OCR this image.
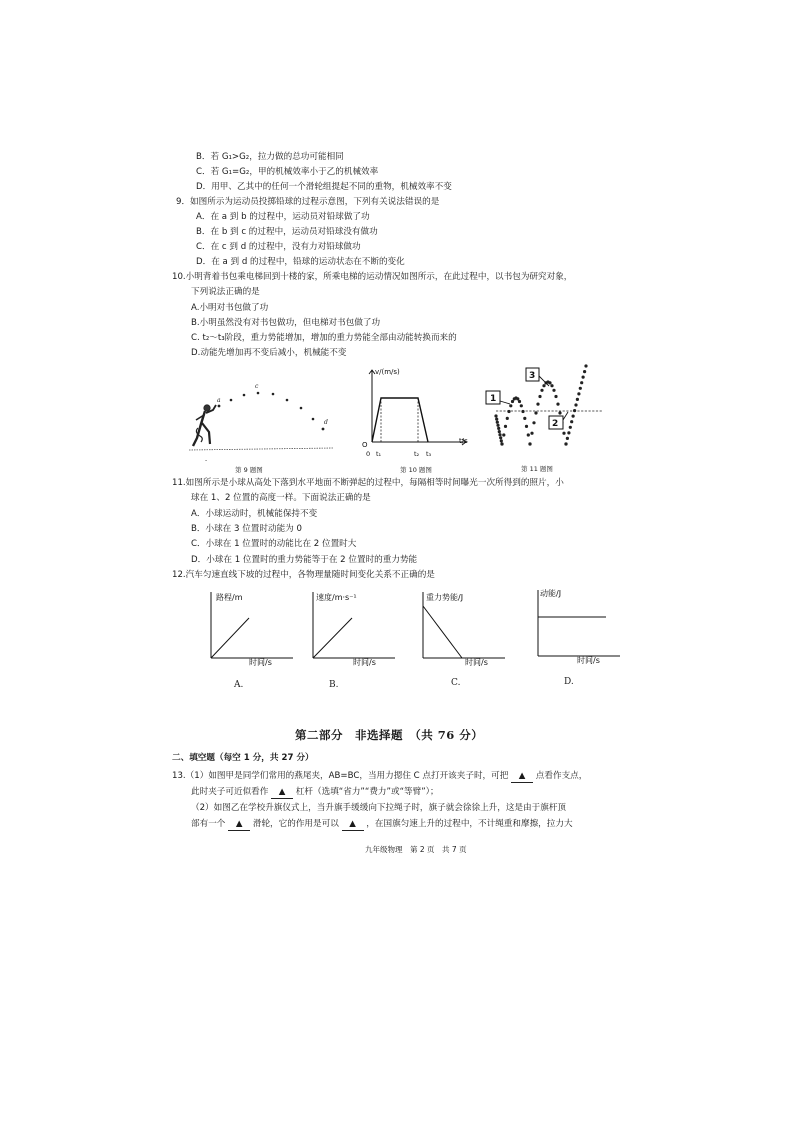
B．若 G₁>G₂，拉力做的总功可能相同
C．若 G₁=G₂，甲的机械效率小于乙的机械效率
D．用甲、乙其中的任何一个滑轮组提起不同的重物，机械效率不变
9．如图所示为运动员投掷铅球的过程示意图，下列有关说法错误的是
A．在 a 到 b 的过程中，运动员对铅球做了功
B．在 b 到 c 的过程中，运动员对铅球没有做功
C．在 c 到 d 的过程中，没有力对铅球做功
D．在 a 到 d 的过程中，铅球的运动状态在不断的变化
10.小明背着书包乘电梯回到十楼的家，所乘电梯的运动情况如图所示，在此过程中，以书包为研究对象，
下列说法正确的是
A.小明对书包做了功
B.小明虽然没有对书包做功，但电梯对书包做了功
C. t₂～t₃阶段，重力势能增加，增加的重力势能全部由动能转换而来的
D.动能先增加再不变后减小，机械能不变
a
c
d
-
第 9 题图
v/(m/s)
O	t/s
t₁	t₂ t₃
0
第 10 题图
1
3
2
第 11 题图
11.如图所示是小球从高处下落到水平地面不断弹起的过程中，每隔相等时间曝光一次所得到的照片，小
球在 1、2 位置的高度一样。下面说法正确的是
A．小球运动时，机械能保持不变
B．小球在 3 位置时动能为 0
C．小球在 1 位置时的动能比在 2 位置时大
D．小球在 1 位置时的重力势能等于在 2 位置时的重力势能
12.汽车匀速直线下坡的过程中，各物理量随时间变化关系不正确的是
路程/m
时间/s
A.
速度/m·s⁻¹
时间/s
B.
重力势能/J
时间/s
C.
动能/J
时间/s
D.
第二部分　非选择题　（共 76 分）
二、填空题（每空 1 分，共 27 分）
13.（1）如图甲是同学们常用的燕尾夹，AB=BC，当用力摁住 C 点打开该夹子时，可把 ▲ 点看作支点，
此时夹子可近似看作 ▲ 杠杆（选填“省力”“费力”或“等臂”）；
（2）如图乙在学校升旗仪式上，当升旗手缓缓向下拉绳子时，旗子就会徐徐上升，这是由于旗杆顶
部有一个 ▲ 滑轮，它的作用是可以 ▲ ，在国旗匀速上升的过程中，不计绳重和摩擦，拉力大
九年级物理　第 2 页　共 7 页
